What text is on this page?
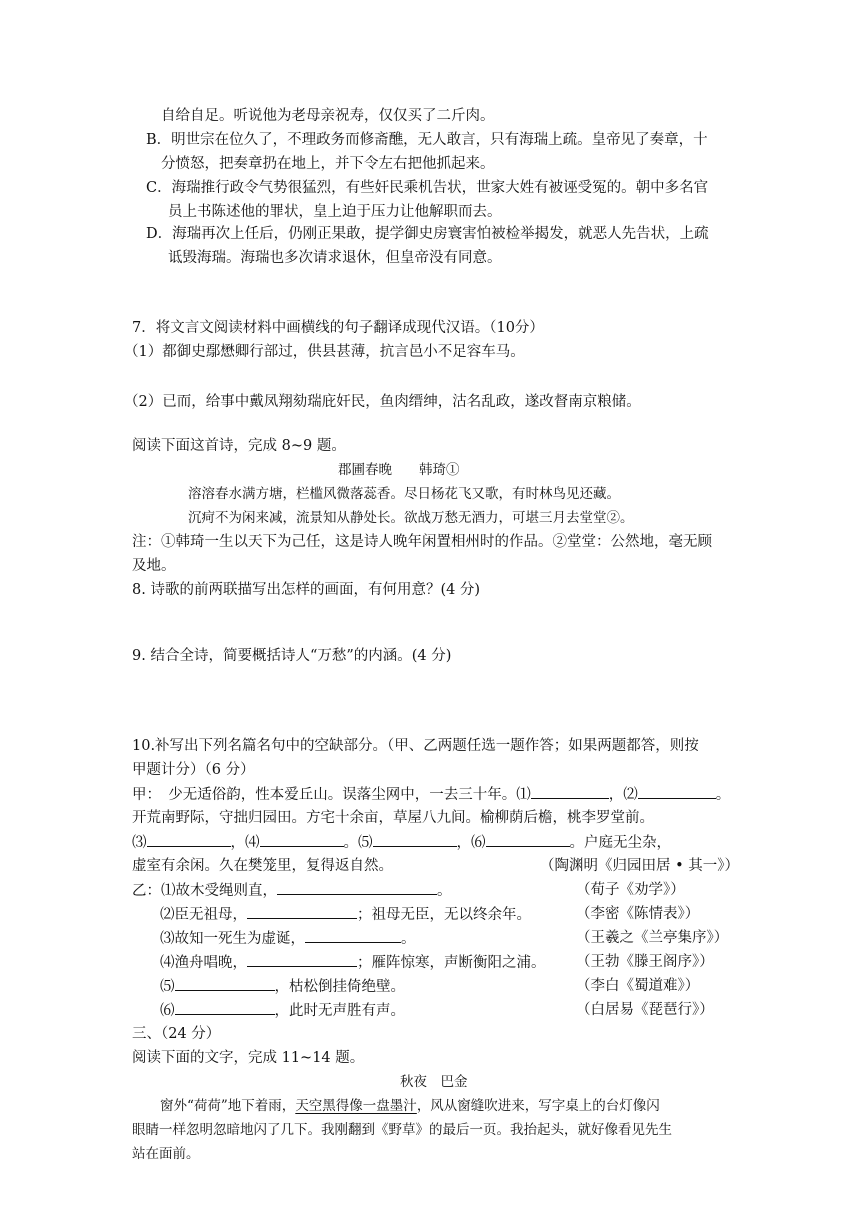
自给自足。听说他为老母亲祝寿，仅仅买了二斤肉。
B．明世宗在位久了，不理政务而修斋醮，无人敢言，只有海瑞上疏。皇帝见了奏章，十
分愤怒，把奏章扔在地上，并下令左右把他抓起来。
C．海瑞推行政令气势很猛烈，有些奸民乘机告状，世家大姓有被诬受冤的。朝中多名官
员上书陈述他的罪状，皇上迫于压力让他解职而去。
D．海瑞再次上任后，仍刚正果敢，提学御史房寰害怕被检举揭发，就恶人先告状，上疏
诋毁海瑞。海瑞也多次请求退休，但皇帝没有同意。
7．将文言文阅读材料中画横线的句子翻译成现代汉语。（10分）
（1）都御史鄢懋卿行部过，供县甚薄，抗言邑小不足容车马。
（2）已而，给事中戴凤翔劾瑞庇奸民，鱼肉缙绅，沽名乱政，遂改督南京粮储。
阅读下面这首诗，完成 8~9 题。
郡圃春晚　　韩琦①
溶溶春水满方塘，栏槛风微落蕊香。尽日杨花飞又歌，有时林鸟见还藏。
沉疴不为闲来减，流景知从静处长。欲战万愁无酒力，可堪三月去堂堂②。
注：①韩琦一生以天下为己任，这是诗人晚年闲置相州时的作品。②堂堂：公然地，毫无顾
及地。
8. 诗歌的前两联描写出怎样的画面，有何用意？(4 分)
9. 结合全诗，简要概括诗人“万愁”的内涵。(4 分)
10.补写出下列名篇名句中的空缺部分。（甲、乙两题任选一题作答；如果两题都答，则按
甲题计分）（6 分）
甲：　少无适俗韵，性本爱丘山。误落尘网中，一去三十年。⑴	，⑵	。
开荒南野际，守拙归园田。方宅十余亩，草屋八九间。榆柳荫后檐，桃李罗堂前。
⑶	，⑷	。⑸	，⑹	。户庭无尘杂，
虚室有余闲。久在樊笼里，复得返自然。	（陶渊明《归园田居 • 其一》）
乙：⑴故木受绳则直，	。	（荀子《劝学》）
⑵臣无祖母，	；祖母无臣，无以终余年。	（李密《陈情表》）
⑶故知一死生为虚诞，	。	（王羲之《兰亭集序》）
⑷渔舟唱晚，	；雁阵惊寒，声断衡阳之浦。 （王勃《滕王阁序》）
⑸	，枯松倒挂倚绝壁。	（李白《蜀道难》）
⑹	，此时无声胜有声。	（白居易《琵琶行》）
三、（24 分）
阅读下面的文字，完成 11~14 题。
秋夜　巴金
窗外“荷荷”地下着雨，天空黑得像一盘墨汁，风从窗缝吹进来，写字桌上的台灯像闪
眼睛一样忽明忽暗地闪了几下。我刚翻到《野草》的最后一页。我抬起头，就好像看见先生
站在面前。
